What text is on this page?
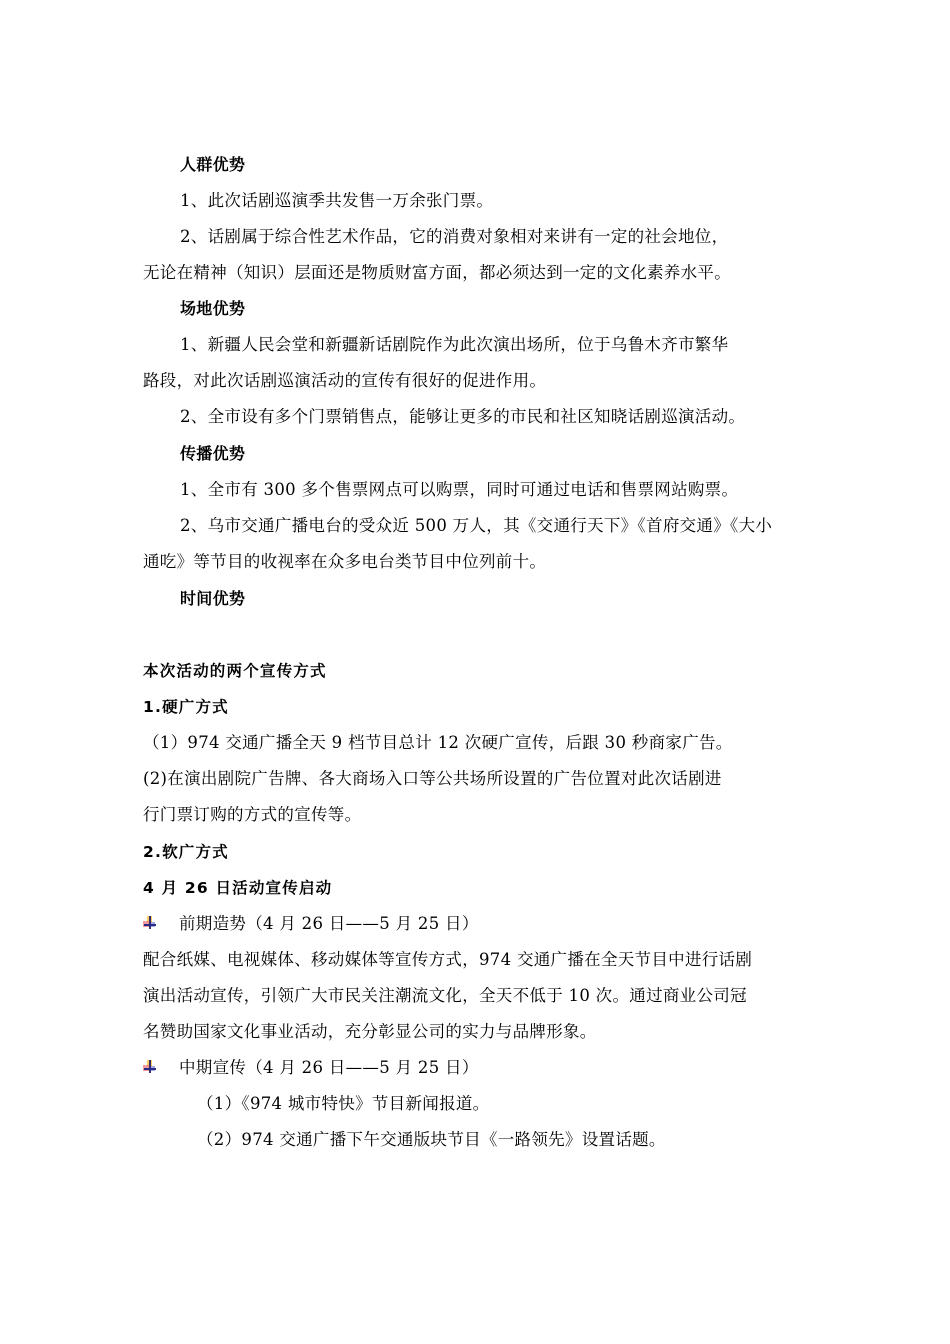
人群优势
1、此次话剧巡演季共发售一万余张门票。
2、话剧属于综合性艺术作品，它的消费对象相对来讲有一定的社会地位，
无论在精神（知识）层面还是物质财富方面，都必须达到一定的文化素养水平。
场地优势
1、新疆人民会堂和新疆新话剧院作为此次演出场所，位于乌鲁木齐市繁华
路段，对此次话剧巡演活动的宣传有很好的促进作用。
2、全市设有多个门票销售点，能够让更多的市民和社区知晓话剧巡演活动。
传播优势
1、全市有 300 多个售票网点可以购票，同时可通过电话和售票网站购票。
2、乌市交通广播电台的受众近 500 万人，其《交通行天下》《首府交通》《大小
通吃》等节目的收视率在众多电台类节目中位列前十。
时间优势
本次活动的两个宣传方式
1.硬广方式
（1）974 交通广播全天 9 档节目总计 12 次硬广宣传，后跟 30 秒商家广告。
(2)在演出剧院广告牌、各大商场入口等公共场所设置的广告位置对此次话剧进
行门票订购的方式的宣传等。
2.软广方式
4 月 26 日活动宣传启动
前期造势（4 月 26 日——5 月 25 日）
配合纸媒、电视媒体、移动媒体等宣传方式，974 交通广播在全天节目中进行话剧
演出活动宣传，引领广大市民关注潮流文化，全天不低于 10 次。通过商业公司冠
名赞助国家文化事业活动，充分彰显公司的实力与品牌形象。
中期宣传（4 月 26 日——5 月 25 日）
（1）《974 城市特快》节目新闻报道。
（2）974 交通广播下午交通版块节目《一路领先》设置话题。
